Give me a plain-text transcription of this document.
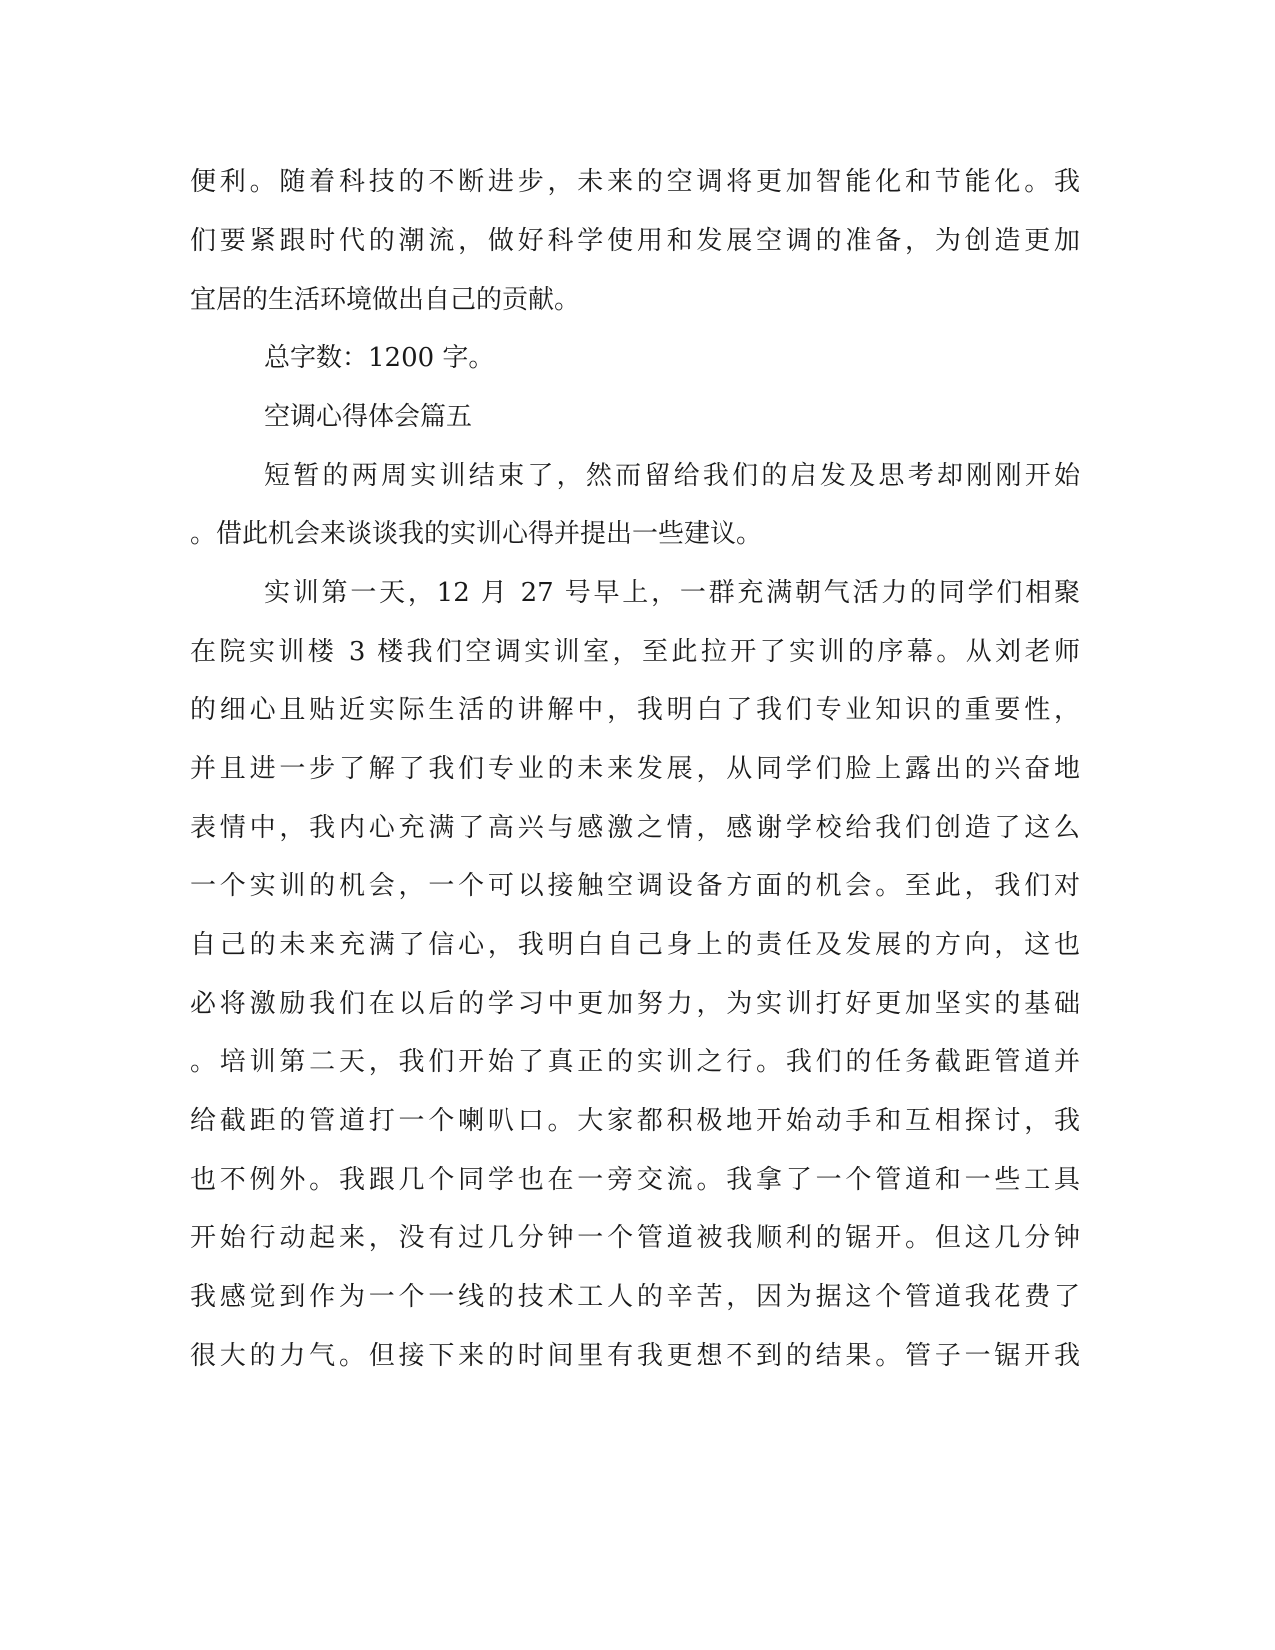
便利。随着科技的不断进步，未来的空调将更加智能化和节能化。我
们要紧跟时代的潮流，做好科学使用和发展空调的准备，为创造更加
宜居的生活环境做出自己的贡献。
总字数：1200 字。
空调心得体会篇五
短暂的两周实训结束了，然而留给我们的启发及思考却刚刚开始
。借此机会来谈谈我的实训心得并提出一些建议。
实训第一天，12 月 27 号早上，一群充满朝气活力的同学们相聚
在院实训楼 3 楼我们空调实训室，至此拉开了实训的序幕。从刘老师
的细心且贴近实际生活的讲解中，我明白了我们专业知识的重要性，
并且进一步了解了我们专业的未来发展，从同学们脸上露出的兴奋地
表情中，我内心充满了高兴与感激之情，感谢学校给我们创造了这么
一个实训的机会，一个可以接触空调设备方面的机会。至此，我们对
自己的未来充满了信心，我明白自己身上的责任及发展的方向，这也
必将激励我们在以后的学习中更加努力，为实训打好更加坚实的基础
。培训第二天，我们开始了真正的实训之行。我们的任务截距管道并
给截距的管道打一个喇叭口。大家都积极地开始动手和互相探讨，我
也不例外。我跟几个同学也在一旁交流。我拿了一个管道和一些工具
开始行动起来，没有过几分钟一个管道被我顺利的锯开。但这几分钟
我感觉到作为一个一线的技术工人的辛苦，因为据这个管道我花费了
很大的力气。但接下来的时间里有我更想不到的结果。管子一锯开我
